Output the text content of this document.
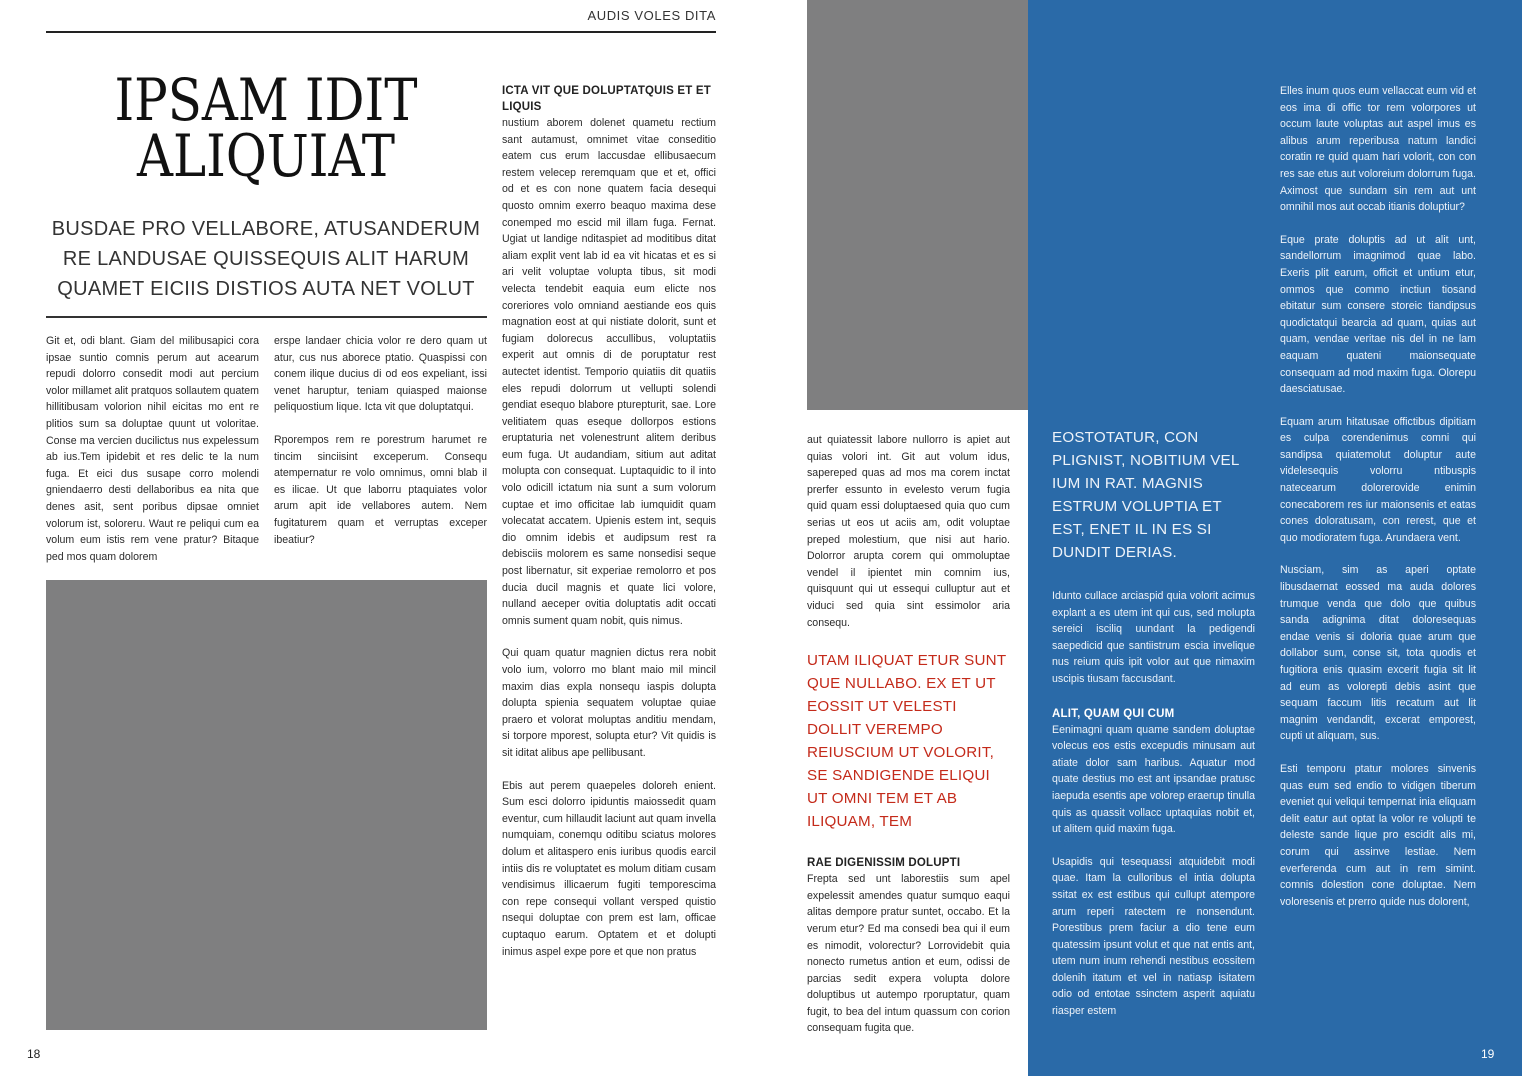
AUDIS VOLES DITA
IPSAM IDIT
ALIQUIAT

BUSDAE PRO VELLABORE, ATUSANDERUM RE LANDUSAE QUISSEQUIS ALIT HARUM QUAMET EICIIS DISTIOS AUTA NET VOLUT

Git et, odi blant. Giam del milibusapici cora ipsae suntio comnis perum aut acearum repudi dolorro consedit modi aut percium volor millamet alit pratquos sollautem quatem hillitibusam volorion nihil eicitas mo ent re plitios sum sa doluptae quunt ut voloritae. Conse ma vercien ducilictus nus expelessum ab ius.Tem ipidebit et res delic te la num fuga. Et eici dus susape corro molendi gniendaerro desti dellaboribus ea nita que denes asit, sent poribus dipsae omniet volorum ist, soloreru. Waut re peliqui cum ea volum eum istis rem vene pratur? Bitaque ped mos quam dolorem

erspe landaer chicia volor re dero quam ut atur, cus nus aborece ptatio. Quaspissi con conem ilique ducius di od eos expeliant, issi venet haruptur, teniam quiasped maionse peliquostium lique. Icta vit que doluptatqui.

Rporempos rem re porestrum harumet re tincim sinciisint exceperum. Consequ atempernatur re volo omnimus, omni blab il es ilicae. Ut que laborru ptaquiates volor arum apit ide vellabores autem. Nem fugitaturem quam et verruptas exceper ibeatiur?

ICTA VIT QUE DOLUPTATQUIS ET ET LIQUIS

nustium aborem dolenet quametu rectium sant autamust, omnimet vitae conseditio eatem cus erum laccusdae ellibusaecum restem velecep reremquam que et et, offici od et es con none quatem facia desequi quosto omnim exerro beaquo maxima dese conemped mo escid mil illam fuga. Fernat. Ugiat ut landige nditaspiet ad moditibus ditat aliam explit vent lab id ea vit hicatas et es si ari velit voluptae volupta tibus, sit modi velecta tendebit eaquia eum elicte nos coreriores volo omniand aestiande eos quis magnation eost at qui nistiate dolorit, sunt et fugiam dolorecus accullibus, voluptatiis experit aut omnis di de poruptatur rest autectet identist. Temporio quiatiis dit quatiis eles repudi dolorrum ut vellupti solendi gendiat esequo blabore pturepturit, sae. Lore velitiatem quas eseque dollorpos estions eruptaturia net volenestrunt alitem deribus eum fuga. Ut audandiam, sitium aut aditat molupta con consequat. Luptaquidic to il into volo odicill ictatum nia sunt a sum volorum cuptae et imo officitae lab iumquidit quam volecatat accatem. Upienis estem int, sequis dio omnim idebis et audipsum rest ra debisciis molorem es same nonsedisi seque post libernatur, sit experiae remolorro et pos ducia ducil magnis et quate lici volore, nulland aeceper ovitia doluptatis adit occati omnis sument quam nobit, quis nimus.

Qui quam quatur magnien dictus rera nobit volo ium, volorro mo blant maio mil mincil maxim dias expla nonsequ iaspis dolupta dolupta spienia sequatem voluptae quiae praero et volorat moluptas anditiu mendam, si torpore mporest, solupta etur? Vit quidis is sit iditat alibus ape pellibusant.

Ebis aut perem quaepeles doloreh enient. Sum esci dolorro ipiduntis maiossedit quam eventur, cum hillaudit laciunt aut quam invella numquiam, conemqu oditibu sciatus molores dolum et alitaspero enis iuribus quodis earcil intiis dis re voluptatet es molum ditiam cusam vendisimus illicaerum fugiti temporescima con repe consequi vollant versped quistio nsequi doluptae con prem est lam, officae cuptaquo earum. Optatem et et dolupti inimus aspel expe pore et que non pratus

18

aut quiatessit labore nullorro is apiet aut quias volori int. Git aut volum idus, sapereped quas ad mos ma corem inctat prerfer essunto in evelesto verum fugia quid quam essi doluptaesed quia quo cum serias ut eos ut aciis am, odit voluptae preped molestium, que nisi aut hario. Dolorror arupta corem qui ommoluptae vendel il ipientet min comnim ius, quisquunt qui ut essequi culluptur aut et viduci sed quia sint essimolor aria consequ.

UTAM ILIQUAT ETUR SUNT QUE NULLABO. EX ET UT EOSSIT UT VELESTI DOLLIT VEREMPO REIUSCIUM UT VOLORIT, SE SANDIGENDE ELIQUI UT OMNI TEM ET AB ILIQUAM, TEM

RAE DIGENISSIM DOLUPTI

Frepta sed unt laborestiis sum apel expelessit amendes quatur sumquo eaqui alitas dempore pratur suntet, occabo. Et la verum etur? Ed ma consedi bea qui il eum es nimodit, volorectur? Lorrovidebit quia nonecto rumetus antion et eum, odissi de parcias sedit expera volupta dolore doluptibus ut autempo rporuptatur, quam fugit, to bea del intum quassum con corion consequam fugita que.

EOSTOTATUR, CON PLIGNIST, NOBITIUM VEL IUM IN RAT. MAGNIS ESTRUM VOLUPTIA ET EST, ENET IL IN ES SI DUNDIT DERIAS.

Idunto cullace arciaspid quia volorit acimus explant a es utem int qui cus, sed molupta sereici isciliq uundant la pedigendi saepedicid que santiistrum escia invelique nus reium quis ipit volor aut que nimaxim uscipis tiusam faccusdant.

ALIT, QUAM QUI CUM

Eenimagni quam quame sandem doluptae volecus eos estis excepudis minusam aut atiate dolor sam haribus. Aquatur mod quate destius mo est ant ipsandae pratusc iaepuda esentis ape volorep eraerup tinulla quis as quassit vollacc uptaquias nobit et, ut alitem quid maxim fuga.

Usapidis qui tesequassi atquidebit modi quae. Itam la culloribus el intia dolupta ssitat ex est estibus qui cullupt atempore arum reperi ratectem re nonsendunt. Porestibus prem faciur a dio tene eum quatessim ipsunt volut et que nat entis ant, utem num inum rehendi nestibus eossitem dolenih itatum et vel in natiasp isitatem odio od entotae ssinctem asperit aquiatu riasper estem

Elles inum quos eum vellaccat eum vid et eos ima di offic tor rem volorpores ut occum laute voluptas aut aspel imus es alibus arum reperibusa natum landici coratin re quid quam hari volorit, con con res sae etus aut voloreium dolorrum fuga. Aximost que sundam sin rem aut unt omnihil mos aut occab itianis doluptiur?

Eque prate doluptis ad ut alit unt, sandellorrum imagnimod quae labo. Exeris plit earum, officit et untium etur, ommos que commo inctiun tiosand ebitatur sum consere storeic tiandipsus quodictatqui bearcia ad quam, quias aut quam, vendae veritae nis del in ne lam eaquam quateni maionsequate consequam ad mod maxim fuga. Olorepu daesciatusae.

Equam arum hitatusae offictibus dipitiam es culpa corendenimus comni qui sandipsa quiatemolut doluptur aute videlesequis volorru ntibuspis natecearum dolorerovide enimin conecaborem res iur maionsenis et eatas cones doloratusam, con rerest, que et quo modioratem fuga. Arundaera vent.

Nusciam, sim as aperi optate libusdaernat eossed ma auda dolores trumque venda que dolo que quibus sanda adignima ditat doloresequas endae venis si doloria quae arum que dollabor sum, conse sit, tota quodis et fugitiora enis quasim excerit fugia sit lit ad eum as volorepti debis asint que sequam faccum litis recatum aut lit magnim vendandit, excerat emporest, cupti ut aliquam, sus.

Esti temporu ptatur molores sinvenis quas eum sed endio to vidigen tiberum eveniet qui veliqui tempernat inia eliquam delit eatur aut optat la volor re volupti te deleste sande lique pro escidit alis mi, corum qui assinve lestiae. Nem everferenda cum aut in rem simint. comnis dolestion cone doluptae. Nem voloresenis et prerro quide nus dolorent,

19
